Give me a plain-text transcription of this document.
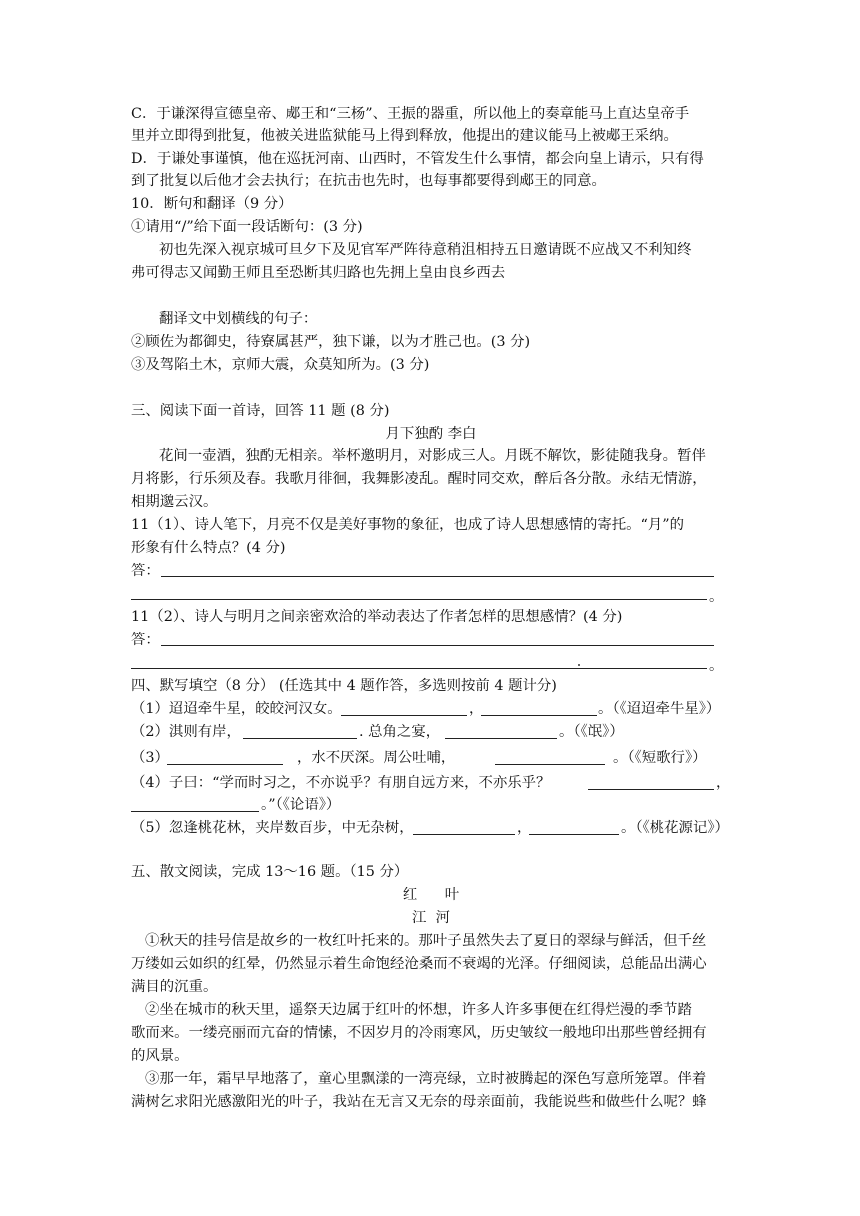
C．于谦深得宣德皇帝、郕王和“三杨”、王振的器重，所以他上的奏章能马上直达皇帝手
里并立即得到批复，他被关进监狱能马上得到释放，他提出的建议能马上被郕王采纳。
D．于谦处事谨慎，他在巡抚河南、山西时，不管发生什么事情，都会向皇上请示，只有得
到了批复以后他才会去执行；在抗击也先时，也每事都要得到郕王的同意。
10．断句和翻译（9 分）
①请用“/”给下面一段话断句：(3 分)
初也先深入视京城可旦夕下及见官军严阵待意稍沮相持五日邀请既不应战又不利知终
弗可得志又闻勤王师且至恐断其归路也先拥上皇由良乡西去
翻译文中划横线的句子：
②顾佐为都御史，待寮属甚严，独下谦，以为才胜己也。(3 分)
③及驾陷土木，京师大震，众莫知所为。(3 分)
三、阅读下面一首诗，回答 11 题 (8 分)
月下独酌 李白
花间一壶酒，独酌无相亲。举杯邀明月，对影成三人。月既不解饮，影徒随我身。暂伴
月将影，行乐须及春。我歌月徘徊，我舞影凌乱。醒时同交欢，醉后各分散。永结无情游，
相期邈云汉。
11（1）、诗人笔下，月亮不仅是美好事物的象征，也成了诗人思想感情的寄托。“月”的
形象有什么特点？(4 分)
答：
。
11（2）、诗人与明月之间亲密欢洽的举动表达了作者怎样的思想感情？(4 分)
答：
。
四、默写填空（8 分） (任选其中 4 题作答，多选则按前 4 题计分)
（1）迢迢牵牛星，皎皎河汉女。	，	。（《迢迢牵牛星》）
（2）淇则有岸，	. 总角之宴，	。（《氓》）
（3）	，水不厌深。周公吐哺，	。（《短歌行》）
（4）子曰：“学而时习之，不亦说乎？有朋自远方来，不亦乐乎？	，
。”（《论语》）
（5）忽逢桃花林，夹岸数百步，中无杂树，	，	。（《桃花源记》）
五、散文阅读，完成 13～16 题。（15 分）
红      叶
江  河
①秋天的挂号信是故乡的一枚红叶托来的。那叶子虽然失去了夏日的翠绿与鲜活，但千丝
万缕如云如织的红晕，仍然显示着生命饱经沧桑而不衰竭的光泽。仔细阅读，总能品出满心
满目的沉重。
②坐在城市的秋天里，遥祭天边属于红叶的怀想，许多人许多事便在红得烂漫的季节踏
歌而来。一缕亮丽而亢奋的情愫，不因岁月的冷雨寒风，历史皱纹一般地印出那些曾经拥有
的风景。
③那一年，霜早早地落了，童心里飘漾的一湾亮绿，立时被腾起的深色写意所笼罩。伴着
满树乞求阳光感激阳光的叶子，我站在无言又无奈的母亲面前，我能说些和做些什么呢？蜂
